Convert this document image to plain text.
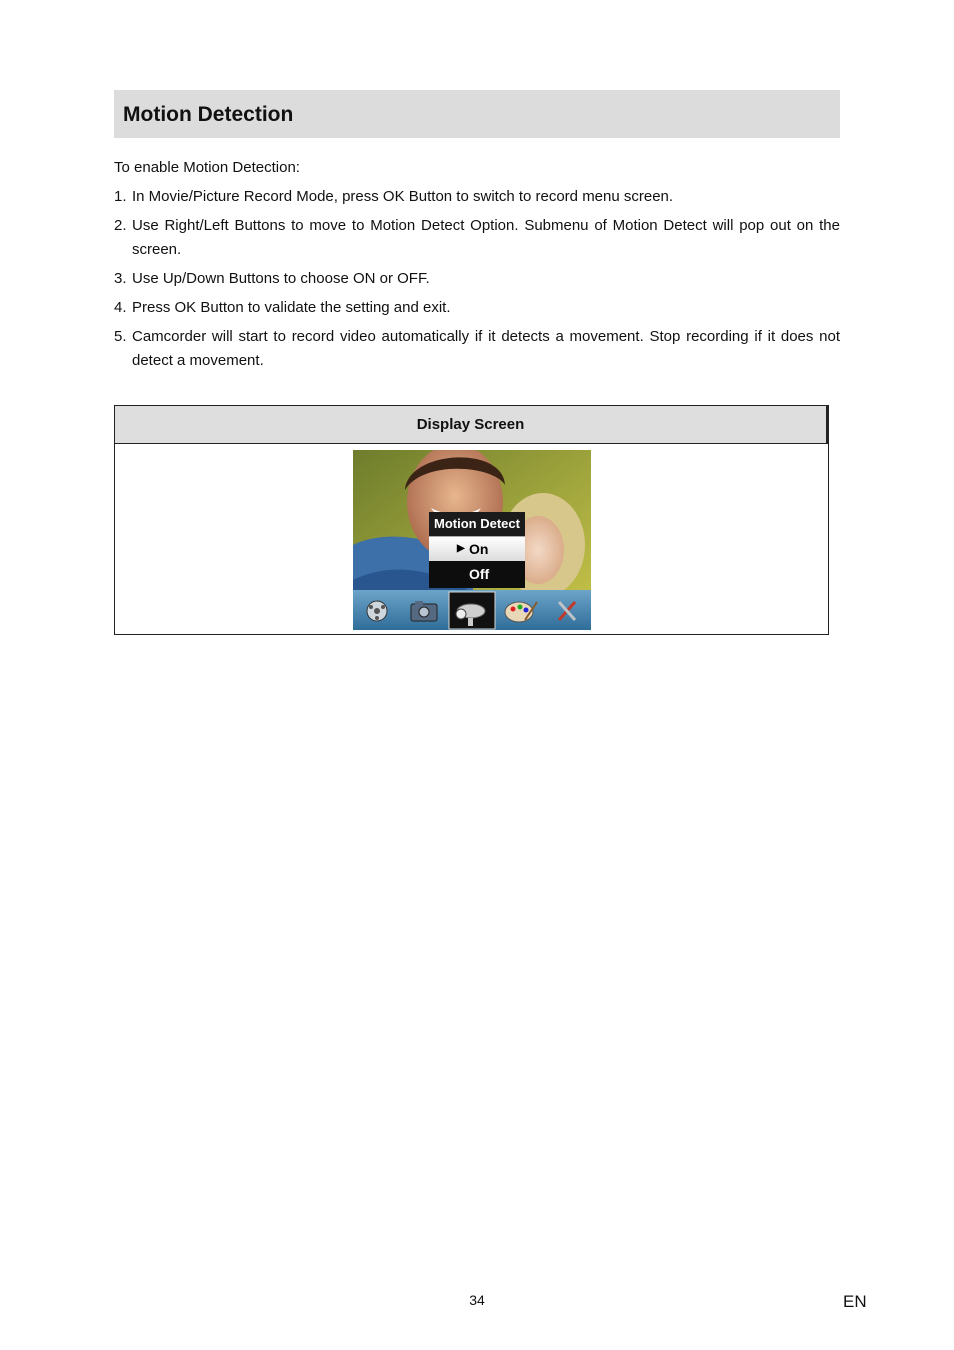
Motion Detection

To enable Motion Detection:

1. In Movie/Picture Record Mode, press OK Button to switch to record menu screen.
2. Use Right/Left Buttons to move to Motion Detect Option. Submenu of Motion Detect will pop out on the screen.
3. Use Up/Down Buttons to choose ON or OFF.
4. Press OK Button to validate the setting and exit.
5. Camcorder will start to record video automatically if it detects a movement. Stop recording if it does not detect a movement.
Display Screen
Motion Detect
▶ On
Off
34	EN
